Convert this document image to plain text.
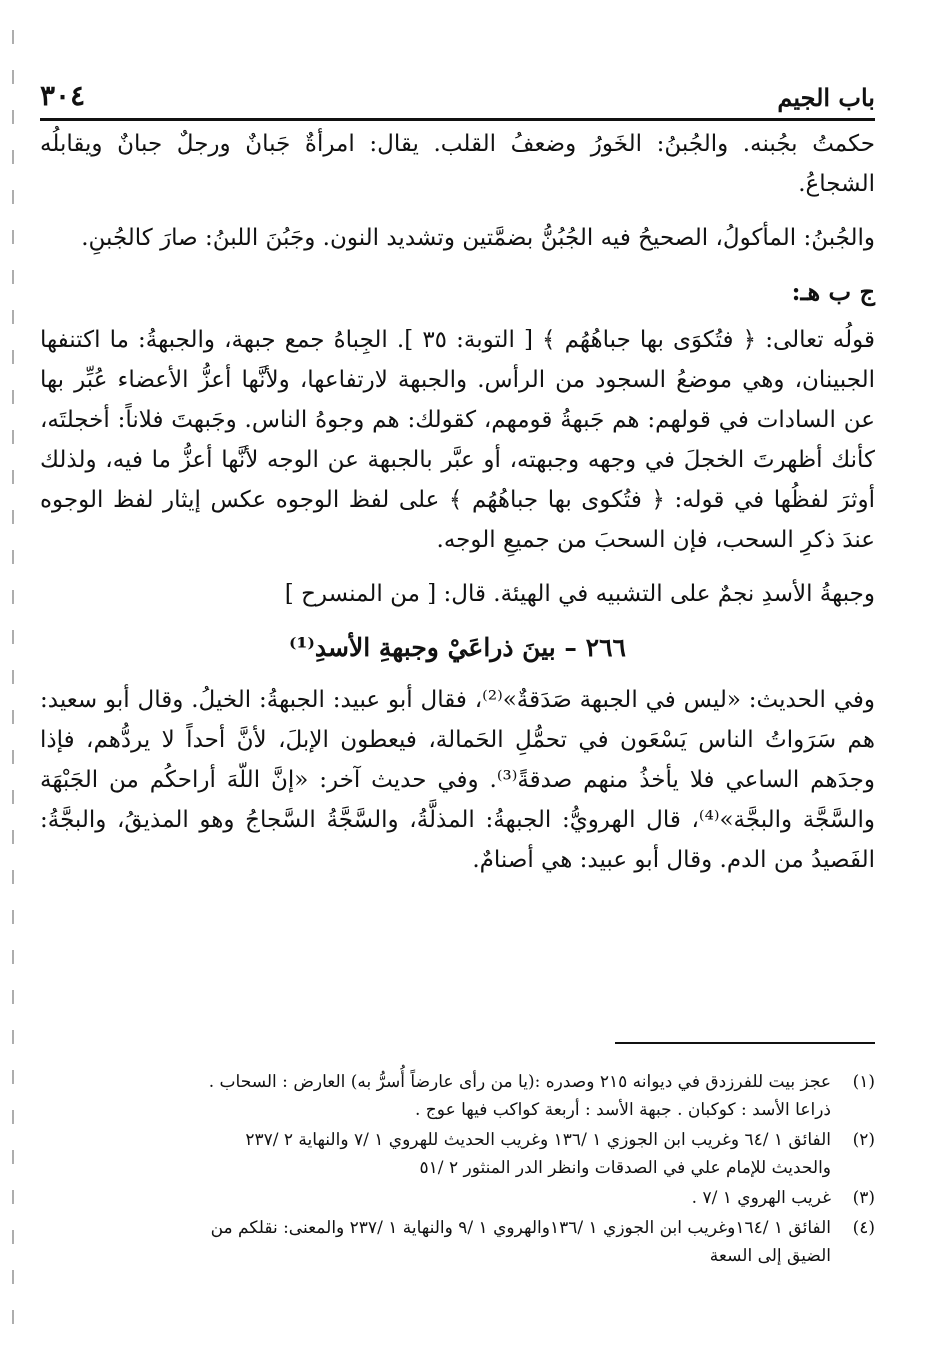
باب الجيم
٣٠٤

حكمتُ بجُبنه. والجُبنُ: الخَورُ وضعفُ القلب. يقال: امرأةٌ جَبانٌ ورجلٌ جبانٌ ويقابلُه الشجاعُ.

والجُبنُ: المأكولُ، الصحيحُ فيه الجُبُنُّ بضمَّتين وتشديد النون. وجَبُنَ اللبنُ: صارَ كالجُبنِ.

ج ب هـ:

قولُه تعالى: ﴿ فتُكوَى بها جباهُهُم ﴾ [ التوبة: ٣٥ ]. الجِباهُ جمع جبهة، والجبهةُ: ما اكتنفها الجبينان، وهي موضعُ السجود من الرأس. والجبهة لارتفاعها، ولأنَّها أعزُّ الأعضاء عُبِّر بها عن السادات في قولهم: هم جَبهةُ قومهم، كقولك: هم وجوهُ الناس. وجَبهتَ فلاناً: أخجلتَه، كأنك أظهرتَ الخجلَ في وجهه وجبهته، أو عبَّر بالجبهة عن الوجه لأنَّها أعزُّ ما فيه، ولذلك أوثرَ لفظُها في قوله: ﴿ فتُكوى بها جباهُهُم ﴾ على لفظ الوجوه عكس إيثار لفظ الوجوه عندَ ذكرِ السحب، فإن السحبَ من جميعِ الوجه.

وجبهةُ الأسدِ نجمٌ على التشبيه في الهيئة. قال: [ من المنسرح ]

٢٦٦ – بينَ ذراعَيْ وجبهةِ الأسدِ⁽¹⁾

وفي الحديث: «ليس في الجبهة صَدَقةٌ»⁽²⁾، فقال أبو عبيد: الجبهةُ: الخيلُ. وقال أبو سعيد: هم سَرَواتُ الناس يَسْعَون في تحمُّلِ الحَمالة، فيعطون الإبلَ، لأنَّ أحداً لا يردُّهم، فإذا وجدَهم الساعي فلا يأخذُ منهم صدقةً⁽³⁾. وفي حديث آخر: «إنَّ اللّهَ أراحكُم من الجَبْهَة والسَّجَّة والبجَّة»⁽⁴⁾، قال الهرويُّ: الجبهةُ: المذلَّةُ، والسَّجَّةُ السَّجاجُ وهو المذيقُ، والبجَّةُ: الفَصيدُ من الدم. وقال أبو عبيد: هي أصنامٌ.

(١)
عجز بيت للفرزدق في ديوانه ٢١٥ وصدره :(يا من رأى عارضاً أُسرُّ به) العارض : السحاب .
ذراعا الأسد : كوكبان . جبهة الأسد : أربعة كواكب فيها عوج .
(٢)
الفائق ١ /٦٤ وغريب ابن الجوزي ١ /١٣٦ وغريب الحديث للهروي ١ /٧ والنهاية ٢ /٢٣٧
والحديث للإمام علي في الصدقات وانظر الدر المنثور ٢ /٥١
(٣)
غريب الهروي ١ /٧ .
(٤)
الفائق ١ /١٦٤وغريب ابن الجوزي ١ /١٣٦والهروي ١ /٩ والنهاية ١ /٢٣٧ والمعنى: نقلكم من
الضيق إلى السعة
